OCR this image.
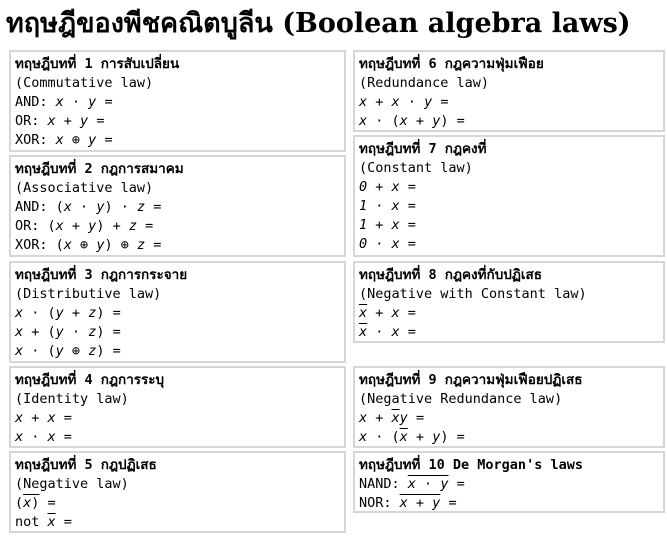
ทฤษฎีของพีชคณิตบูลีน (Boolean algebra laws)
ทฤษฎีบทที่ 1 การสับเปลี่ยน
(Commutative law)
AND: x · y =
OR: x + y =
XOR: x ⊕ y =
ทฤษฎีบทที่ 2 กฎการสมาคม
(Associative law)
AND: (x · y) · z =
OR: (x + y) + z =
XOR: (x ⊕ y) ⊕ z =
ทฤษฎีบทที่ 3 กฎการกระจาย
(Distributive law)
x · (y + z) =
x + (y · z) =
x · (y ⊕ z) =
ทฤษฎีบทที่ 4 กฎการระบุ
(Identity law)
x + x =
x · x =
ทฤษฎีบทที่ 5 กฎปฏิเสธ
(Negative law)
$(\overline{x})$ =
not $\overline{x}$ =
ทฤษฎีบทที่ 6 กฎความฟุ่มเฟือย
(Redundance law)
x + x · y =
x · (x + y) =
ทฤษฎีบทที่ 7 กฎคงที่
(Constant law)
0 + x =
1 · x =
1 + x =
0 · x =
ทฤษฎีบทที่ 8 กฎคงที่กับปฏิเสธ
(Negative with Constant law)
$\overline{x} + x$ =
$\overline{x} \cdot x$ =
ทฤษฎีบทที่ 9 กฎความฟุ่มเฟือยปฏิเสธ
(Negative Redundance law)
$x + \overline{x}y$ =
$x \cdot (\overline{x} + y)$ =
ทฤษฎีบทที่ 10 De Morgan's laws
NAND: $\overline{x} \cdot \overline{y}$ =
NOR: $\overline{x} + \overline{y}$ =
